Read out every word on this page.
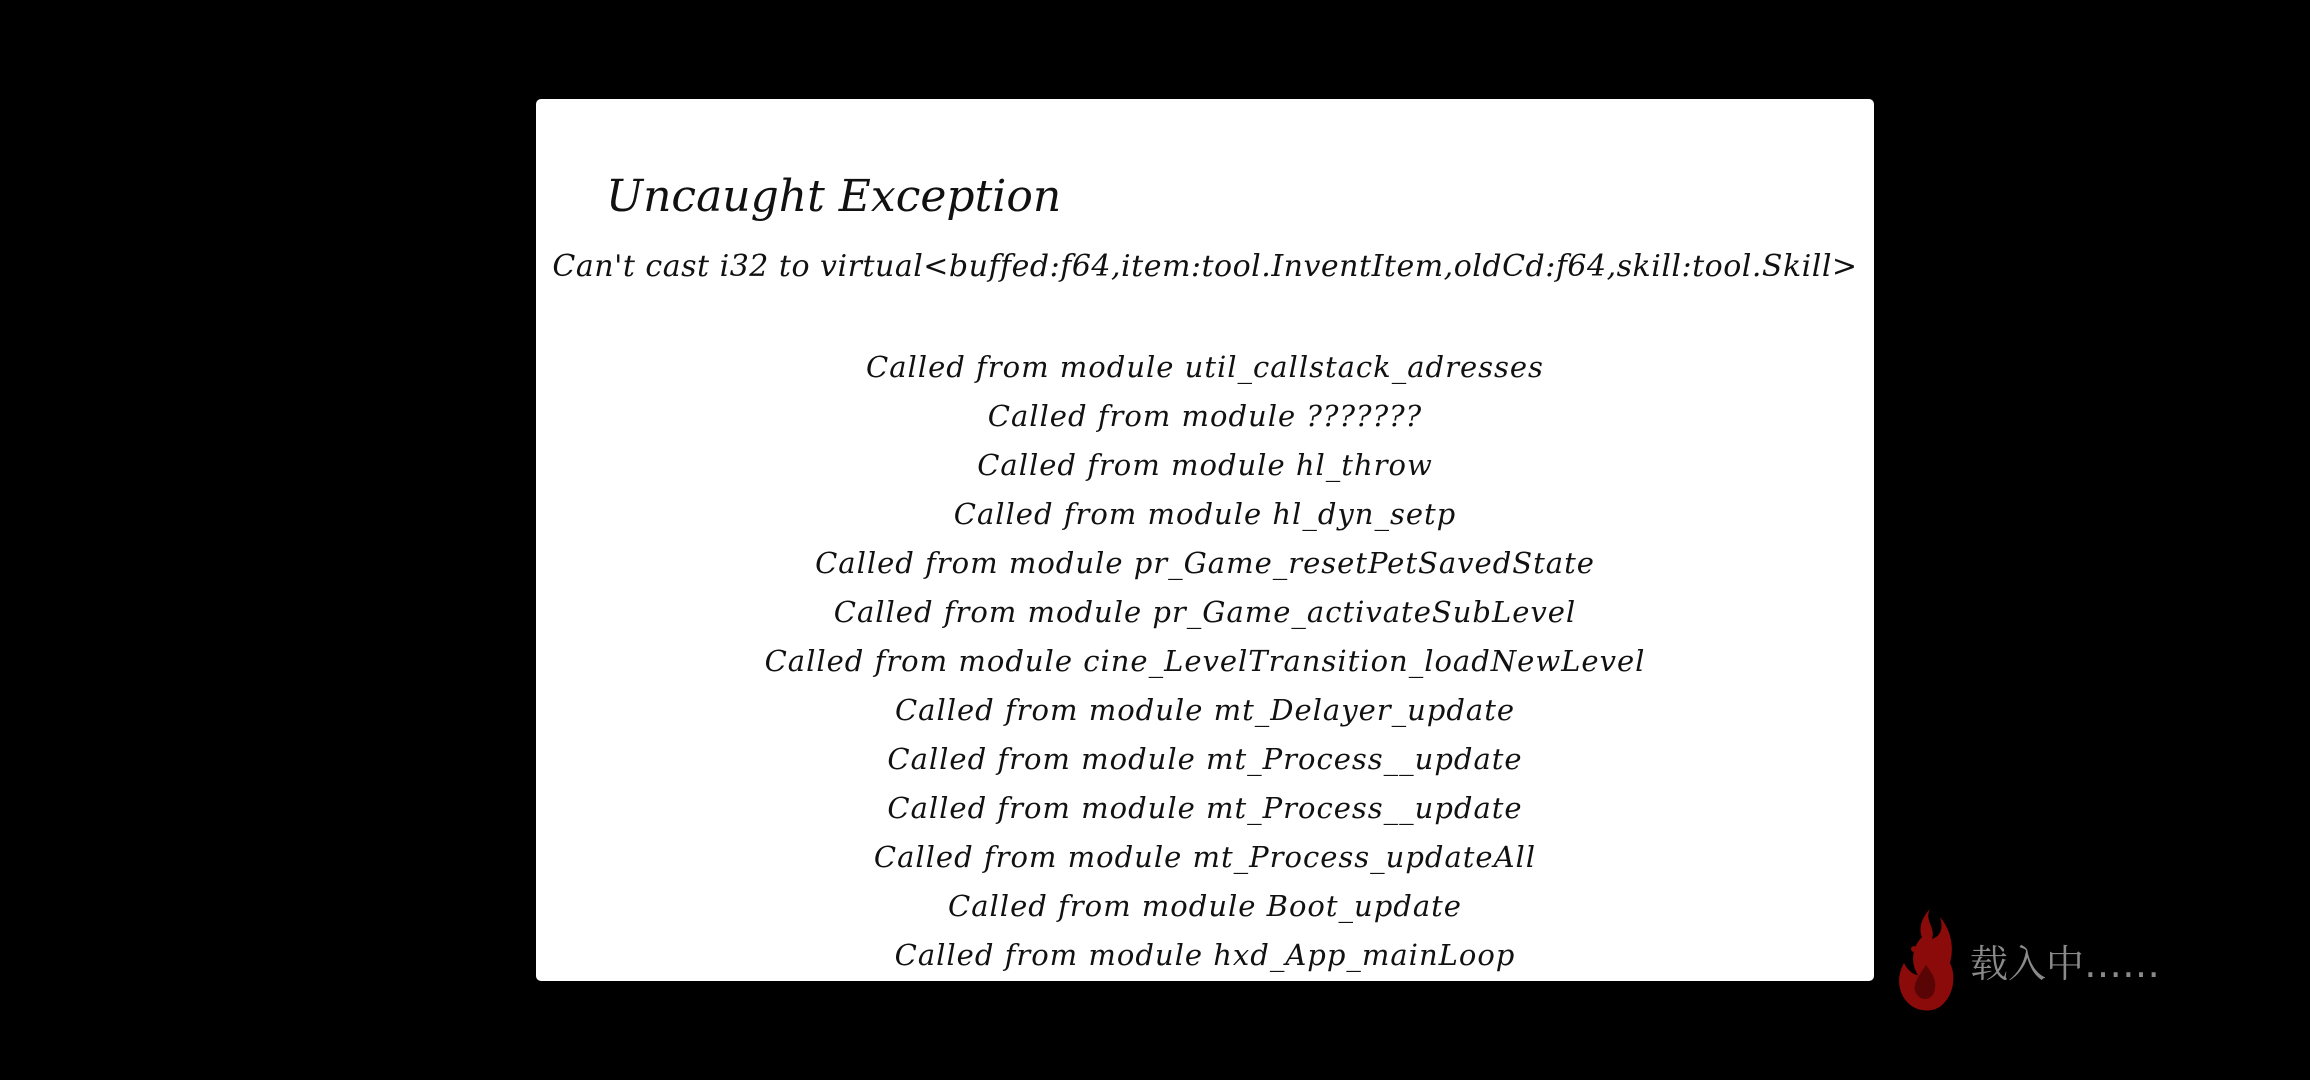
Uncaught Exception
Can't cast i32 to virtual<buffed:f64,item:tool.InventItem,oldCd:f64,skill:tool.Skill>
Called from module util_callstack_adresses
Called from module ???????
Called from module hl_throw
Called from module hl_dyn_setp
Called from module pr_Game_resetPetSavedState
Called from module pr_Game_activateSubLevel
Called from module cine_LevelTransition_loadNewLevel
Called from module mt_Delayer_update
Called from module mt_Process__update
Called from module mt_Process__update
Called from module mt_Process_updateAll
Called from module Boot_update
Called from module hxd_App_mainLoop	载入中……
